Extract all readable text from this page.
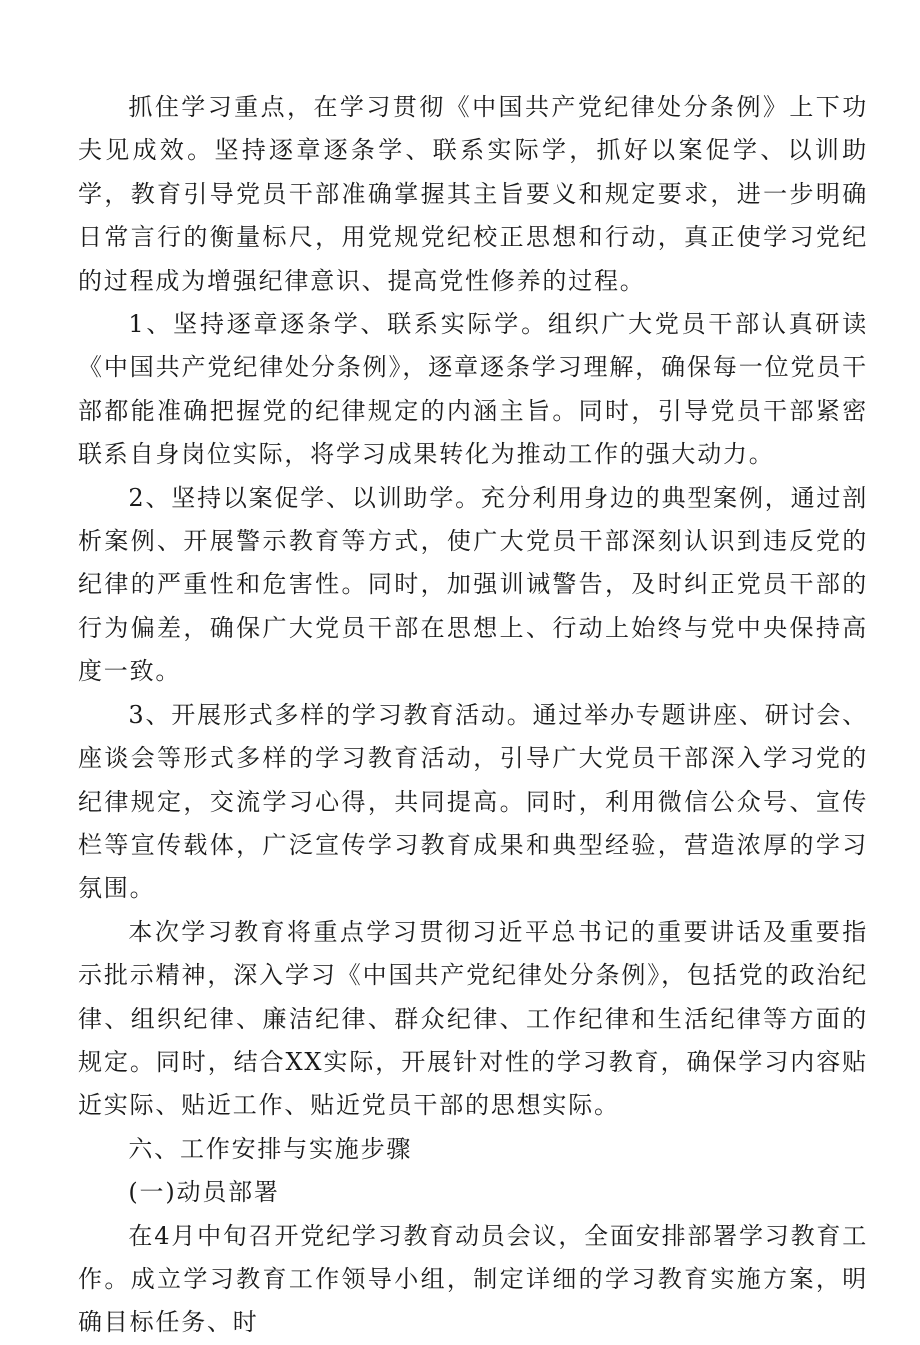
抓住学习重点，在学习贯彻《中国共产党纪律处分条例》上下功夫见成效。坚持逐章逐条学、联系实际学，抓好以案促学、以训助学，教育引导党员干部准确掌握其主旨要义和规定要求，进一步明确日常言行的衡量标尺，用党规党纪校正思想和行动，真正使学习党纪的过程成为增强纪律意识、提高党性修养的过程。

1、坚持逐章逐条学、联系实际学。组织广大党员干部认真研读《中国共产党纪律处分条例》，逐章逐条学习理解，确保每一位党员干部都能准确把握党的纪律规定的内涵主旨。同时，引导党员干部紧密联系自身岗位实际，将学习成果转化为推动工作的强大动力。

2、坚持以案促学、以训助学。充分利用身边的典型案例，通过剖析案例、开展警示教育等方式，使广大党员干部深刻认识到违反党的纪律的严重性和危害性。同时，加强训诫警告，及时纠正党员干部的行为偏差，确保广大党员干部在思想上、行动上始终与党中央保持高度一致。

3、开展形式多样的学习教育活动。通过举办专题讲座、研讨会、座谈会等形式多样的学习教育活动，引导广大党员干部深入学习党的纪律规定，交流学习心得，共同提高。同时，利用微信公众号、宣传栏等宣传载体，广泛宣传学习教育成果和典型经验，营造浓厚的学习氛围。

本次学习教育将重点学习贯彻习近平总书记的重要讲话及重要指示批示精神，深入学习《中国共产党纪律处分条例》，包括党的政治纪律、组织纪律、廉洁纪律、群众纪律、工作纪律和生活纪律等方面的规定。同时，结合XX实际，开展针对性的学习教育，确保学习内容贴近实际、贴近工作、贴近党员干部的思想实际。

六、工作安排与实施步骤

(一)动员部署

在4月中旬召开党纪学习教育动员会议，全面安排部署学习教育工作。成立学习教育工作领导小组，制定详细的学习教育实施方案，明确目标任务、时
